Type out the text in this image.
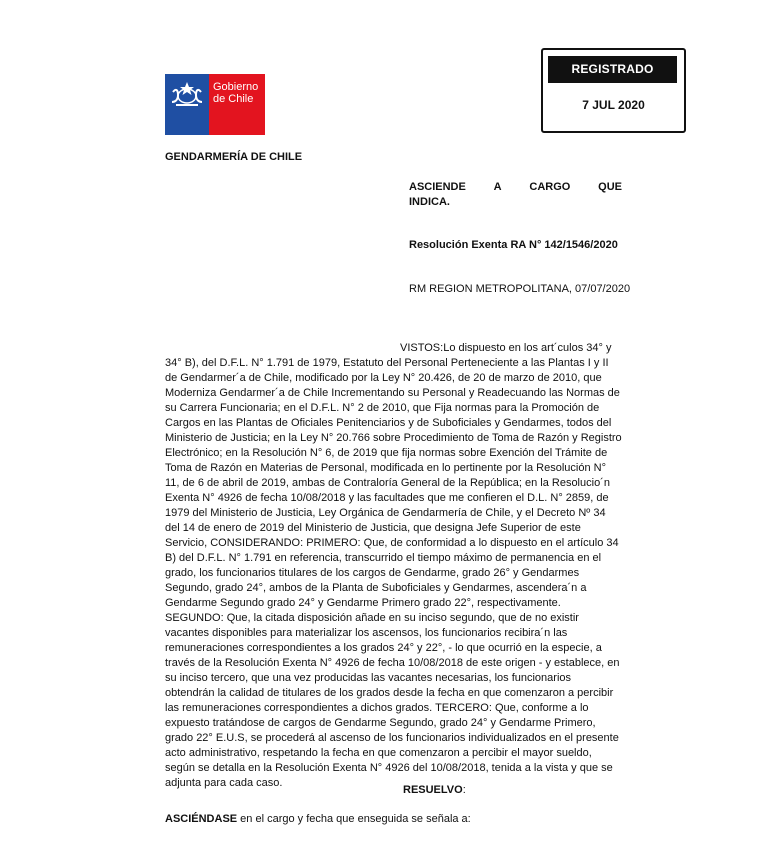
Gobierno
de Chile
REGISTRADO
7 JUL 2020
GENDARMERÍA DE CHILE
ASCIENDE	A	CARGO	QUE
INDICA.
Resolución Exenta RA N° 142/1546/2020
RM REGION METROPOLITANA, 07/07/2020
VISTOS:Lo dispuesto en los art´culos 34° y 34° B), del D.F.L. N° 1.791 de 1979, Estatuto del Personal Perteneciente a las Plantas I y II de Gendarmer´a de Chile, modificado por la Ley N° 20.426, de 20 de marzo de 2010, que Moderniza Gendarmer´a de Chile Incrementando su Personal y Readecuando las Normas de su Carrera Funcionaria; en el D.F.L. N° 2 de 2010, que Fija normas para la Promoción de Cargos en las Plantas de Oficiales Penitenciarios y de Suboficiales y Gendarmes, todos del Ministerio de Justicia; en la Ley N° 20.766 sobre Procedimiento de Toma de Razón y Registro Electrónico; en la Resolución N° 6, de 2019 que fija normas sobre Exención del Trámite de Toma de Razón en Materias de Personal, modificada en lo pertinente por la Resolución N° 11, de 6 de abril de 2019, ambas de Contraloría General de la República; en la Resolucio´n Exenta N° 4926 de fecha 10/08/2018 y las facultades que me confieren el D.L. N° 2859, de 1979 del Ministerio de Justicia, Ley Orgánica de Gendarmería de Chile, y el Decreto Nº 34 del 14 de enero de 2019 del Ministerio de Justicia, que designa Jefe Superior de este Servicio, CONSIDERANDO: PRIMERO: Que, de conformidad a lo dispuesto en el artículo 34 B) del D.F.L. N° 1.791 en referencia, transcurrido el tiempo máximo de permanencia en el grado, los funcionarios titulares de los cargos de Gendarme, grado 26° y Gendarmes Segundo, grado 24°, ambos de la Planta de Suboficiales y Gendarmes, ascendera´n a Gendarme Segundo grado 24° y Gendarme Primero grado 22°, respectivamente. SEGUNDO: Que, la citada disposición añade en su inciso segundo, que de no existir vacantes disponibles para materializar los ascensos, los funcionarios recibira´n las remuneraciones correspondientes a los grados 24° y 22°, - lo que ocurrió en la especie, a través de la Resolución Exenta N° 4926 de fecha 10/08/2018 de este origen - y establece, en su inciso tercero, que una vez producidas las vacantes necesarias, los funcionarios obtendrán la calidad de titulares de los grados desde la fecha en que comenzaron a percibir las remuneraciones correspondientes a dichos grados. TERCERO: Que, conforme a lo expuesto tratándose de cargos de Gendarme Segundo, grado 24° y Gendarme Primero, grado 22° E.U.S, se procederá al ascenso de los funcionarios individualizados en el presente acto administrativo, respetando la fecha en que comenzaron a percibir el mayor sueldo, según se detalla en la Resolución Exenta N° 4926 del 10/08/2018, tenida a la vista y que se adjunta para cada caso.
RESUELVO:
ASCIÉNDASE en el cargo y fecha que enseguida se señala a:
